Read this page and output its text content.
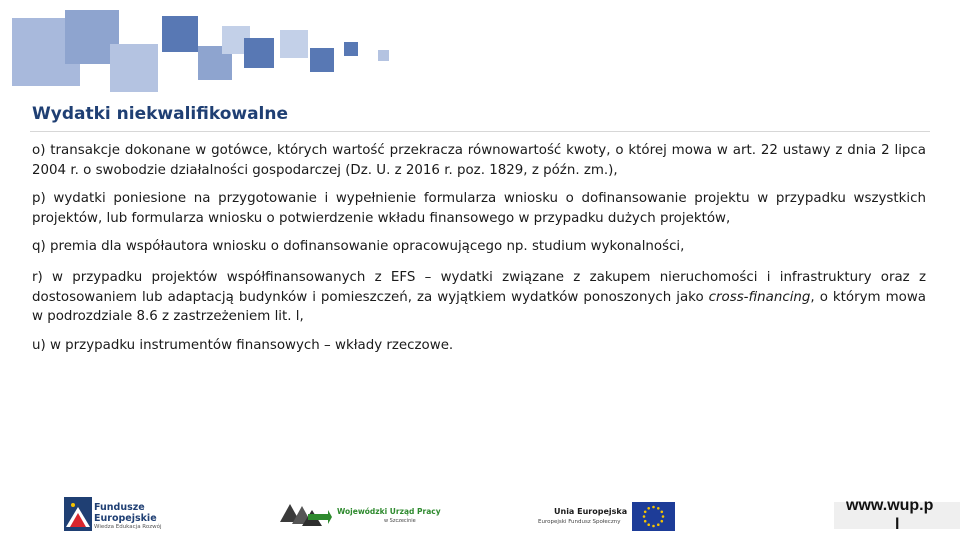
Wydatki niekwalifikowalne
o) transakcje dokonane w gotówce, których wartość przekracza równowartość kwoty, o której mowa w art. 22 ustawy z dnia 2 lipca 2004 r. o swobodzie działalności gospodarczej (Dz. U. z 2016 r. poz. 1829, z późn. zm.),
p) wydatki poniesione na przygotowanie i wypełnienie formularza wniosku o dofinansowanie projektu w przypadku wszystkich projektów, lub formularza wniosku o potwierdzenie wkładu finansowego w przypadku dużych projektów,
q) premia dla współautora wniosku o dofinansowanie opracowującego np. studium wykonalności,
r) w przypadku projektów współfinansowanych z EFS – wydatki związane z zakupem nieruchomości i infrastruktury oraz z dostosowaniem lub adaptacją budynków i pomieszczeń, za wyjątkiem wydatków ponoszonych jako cross-financing, o którym mowa w podrozdziale 8.6 z zastrzeżeniem lit. l,
u) w przypadku instrumentów finansowych – wkłady rzeczowe.
Fundusze
Europejskie
Wiedza Edukacja Rozwój
Wojewódzki Urząd Pracy
w Szczecinie
Unia Europejska
Europejski Fundusz Społeczny
www.wup.p
l
